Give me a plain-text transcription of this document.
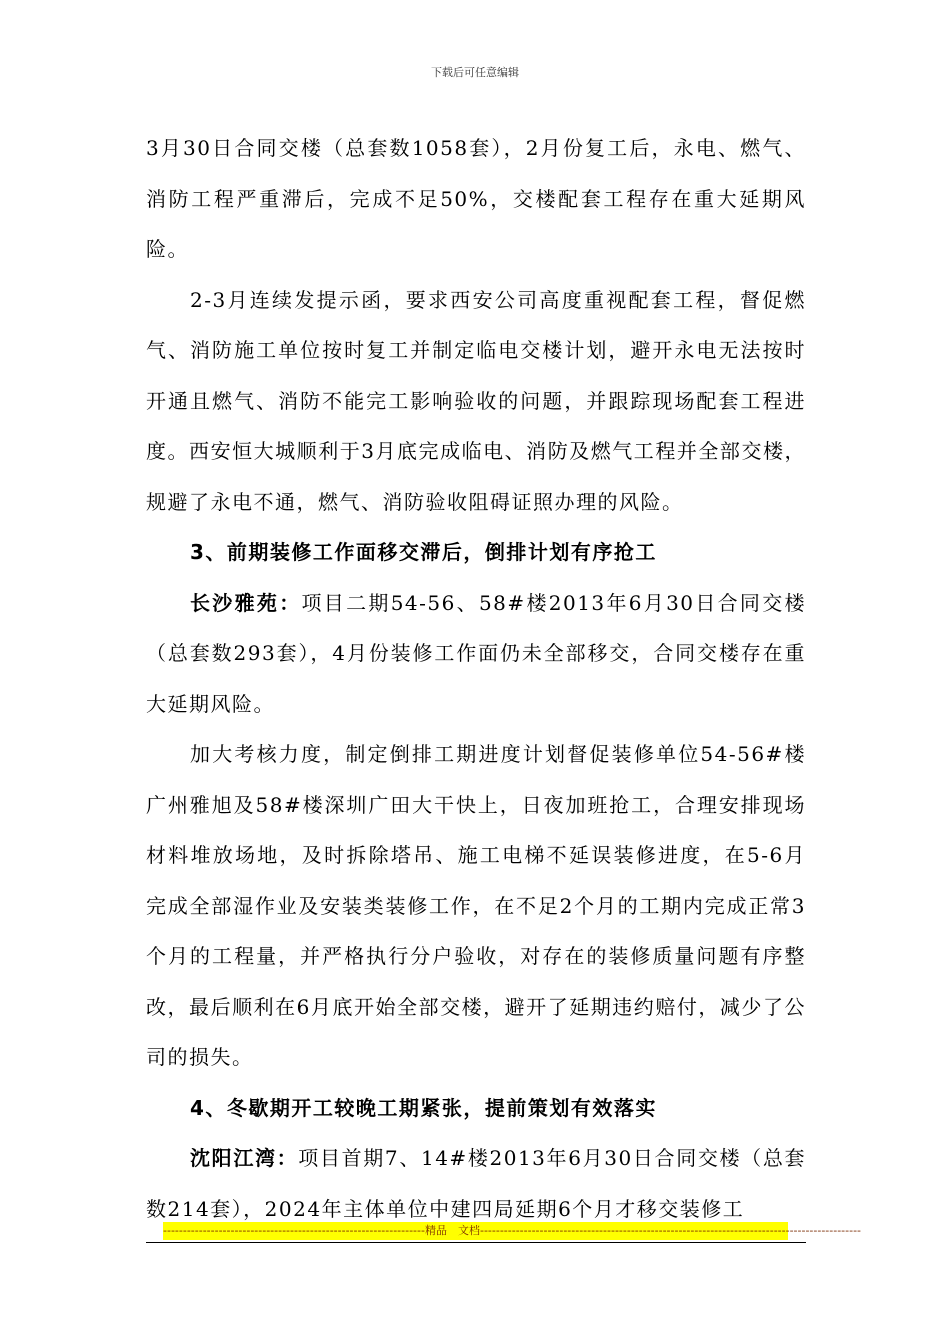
下载后可任意编辑

3月30日合同交楼（总套数1058套），2月份复工后，永电、燃气、消防工程严重滞后，完成不足50%，交楼配套工程存在重大延期风险。

2-3月连续发提示函，要求西安公司高度重视配套工程，督促燃气、消防施工单位按时复工并制定临电交楼计划，避开永电无法按时开通且燃气、消防不能完工影响验收的问题，并跟踪现场配套工程进度。西安恒大城顺利于3月底完成临电、消防及燃气工程并全部交楼，规避了永电不通，燃气、消防验收阻碍证照办理的风险。

3、前期装修工作面移交滞后，倒排计划有序抢工

长沙雅苑：项目二期54-56、58#楼2013年6月30日合同交楼（总套数293套），4月份装修工作面仍未全部移交，合同交楼存在重大延期风险。

加大考核力度，制定倒排工期进度计划督促装修单位54-56#楼广州雅旭及58#楼深圳广田大干快上，日夜加班抢工，合理安排现场材料堆放场地，及时拆除塔吊、施工电梯不延误装修进度，在5-6月完成全部湿作业及安装类装修工作，在不足2个月的工期内完成正常3个月的工程量，并严格执行分户验收，对存在的装修质量问题有序整改，最后顺利在6月底开始全部交楼，避开了延期违约赔付，减少了公司的损失。

4、冬歇期开工较晚工期紧张，提前策划有效落实

沈阳江湾：项目首期7、14#楼2013年6月30日合同交楼（总套数214套），2024年主体单位中建四局延期6个月才移交装修工

------------------------------------------------------------------精品　文档------------------------------------------------------------------------------------------------
